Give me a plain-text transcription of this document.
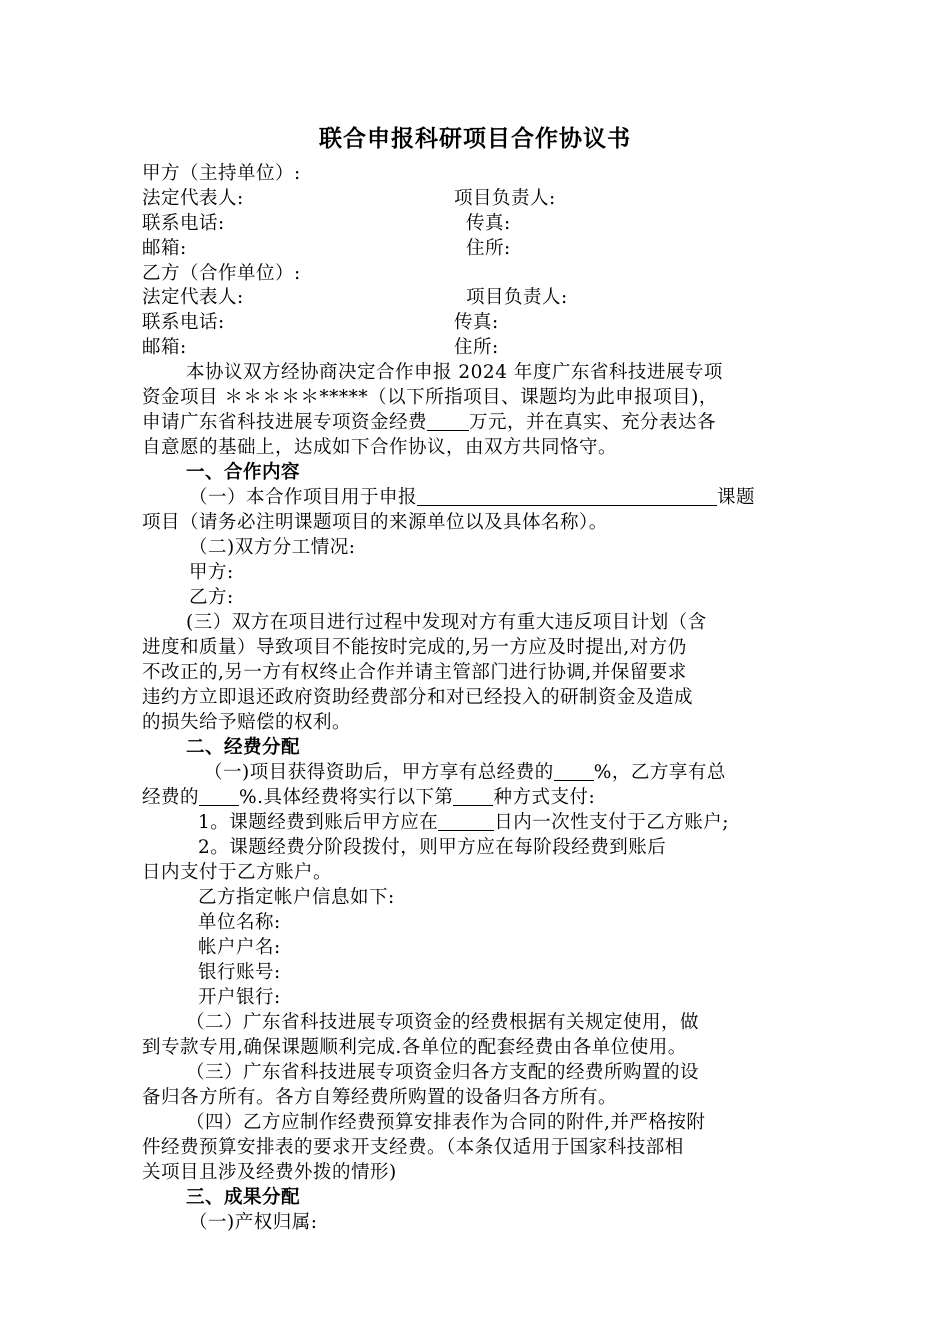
联合申报科研项目合作协议书
甲方（主持单位）:
法定代表人:	项目负责人:
联系电话:	传真:
邮箱:	住所:
乙方（合作单位）:
法定代表人:	项目负责人:
联系电话:	传真:
邮箱:	住所:
本协议双方经协商决定合作申报 2024 年度广东省科技进展专项
资金项目 ＊＊＊＊＊*****（以下所指项目、课题均为此申报项目)，
申请广东省科技进展专项资金经费 万元，并在真实、充分表达各
自意愿的基础上，达成如下合作协议，由双方共同恪守。
一、合作内容
（一）本合作项目用于申报	课题
项目（请务必注明课题项目的来源单位以及具体名称）。
（二)双方分工情况:
甲方:
乙方:
(三）双方在项目进行过程中发现对方有重大违反项目计划（含
进度和质量）导致项目不能按时完成的,另一方应及时提出,对方仍
不改正的,另一方有权终止合作并请主管部门进行协调,并保留要求
违约方立即退还政府资助经费部分和对已经投入的研制资金及造成
的损失给予赔偿的权利。
二、经费分配
（一)项目获得资助后，甲方享有总经费的 %，乙方享有总
经费的 %.具体经费将实行以下第 种方式支付:
1。课题经费到账后甲方应在	日内一次性支付于乙方账户;
2。课题经费分阶段拨付，则甲方应在每阶段经费到账后
日内支付于乙方账户。
乙方指定帐户信息如下:
单位名称:
帐户户名:
银行账号:
开户银行:
（二）广东省科技进展专项资金的经费根据有关规定使用，做
到专款专用,确保课题顺利完成.各单位的配套经费由各单位使用。
（三）广东省科技进展专项资金归各方支配的经费所购置的设
备归各方所有。各方自筹经费所购置的设备归各方所有。
（四）乙方应制作经费预算安排表作为合同的附件,并严格按附
件经费预算安排表的要求开支经费。（本条仅适用于国家科技部相
关项目且涉及经费外拨的情形)
三、成果分配
（一)产权归属:
